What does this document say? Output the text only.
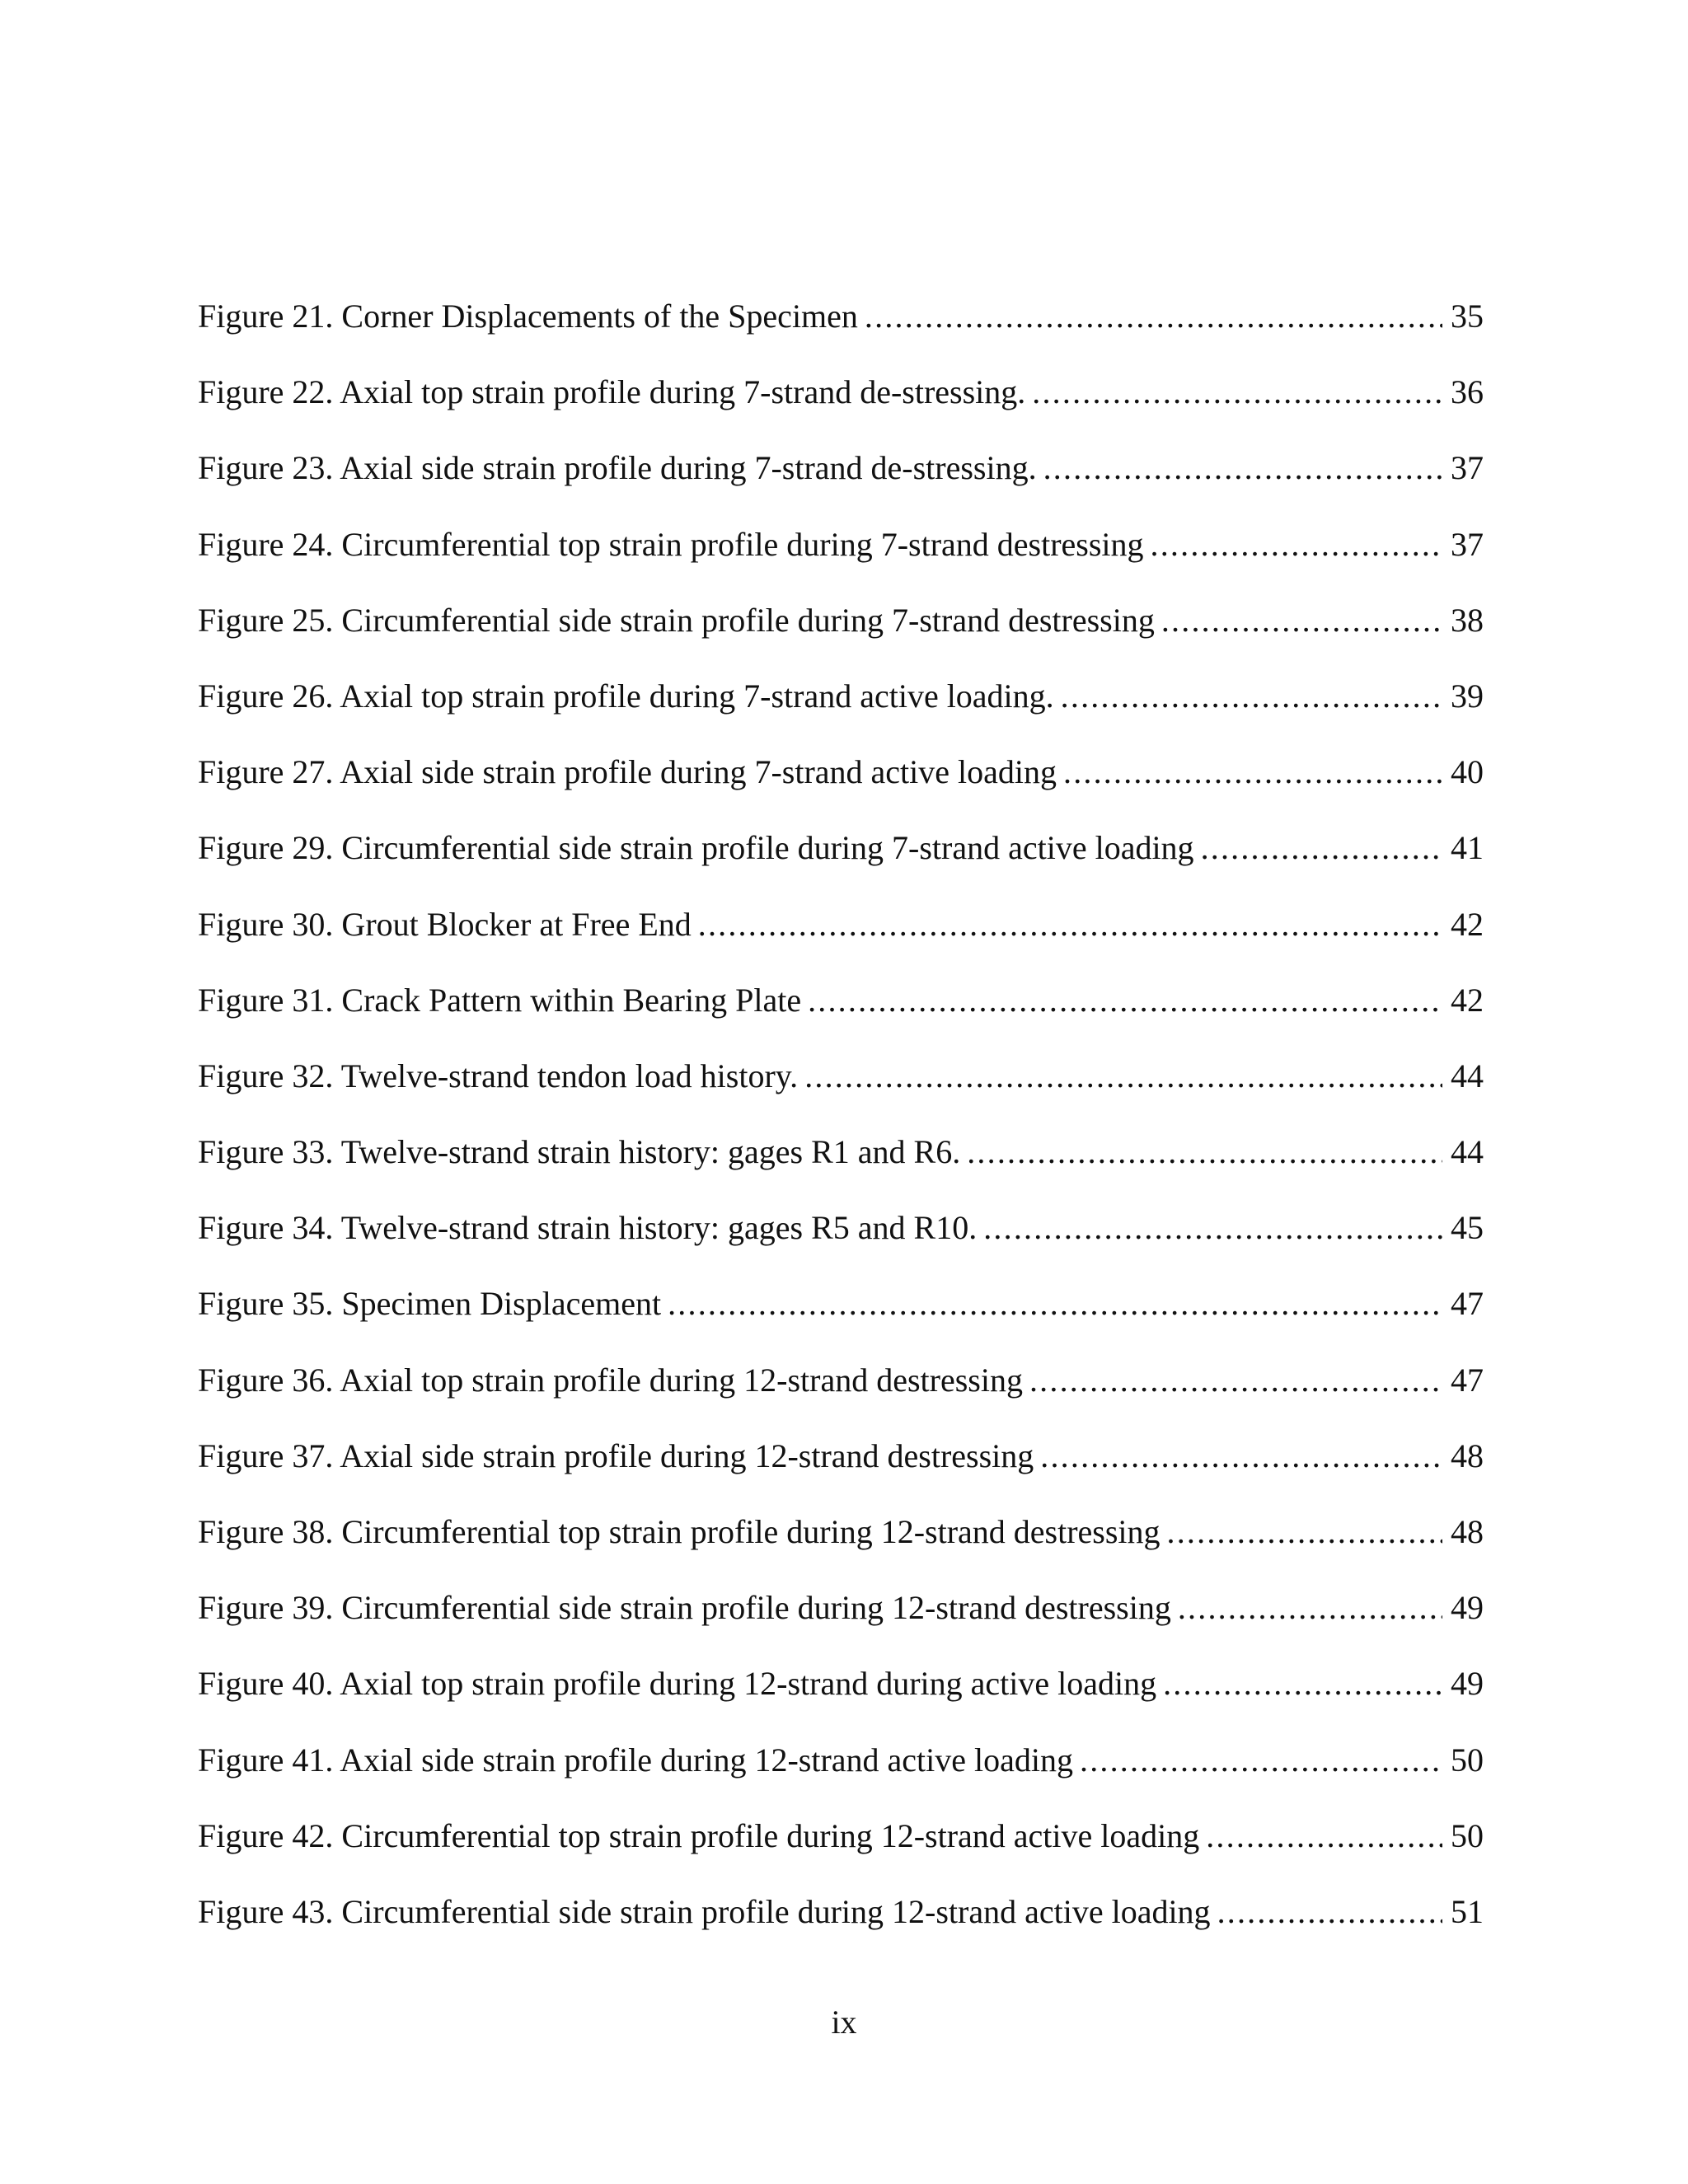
Figure 21. Corner Displacements of the Specimen .....	35
Figure 22. Axial top strain profile during 7-strand de-stressing. .....	36
Figure 23. Axial side strain profile during 7-strand de-stressing. .....	37
Figure 24. Circumferential top strain profile during 7-strand destressing .....	37
Figure 25. Circumferential side strain profile during 7-strand destressing .....	38
Figure 26. Axial top strain profile during 7-strand active loading. .....	39
Figure 27. Axial side strain profile during 7-strand active loading .....	40
Figure 29. Circumferential side strain profile during 7-strand active loading .....	41
Figure 30. Grout Blocker at Free End .....	42
Figure 31. Crack Pattern within Bearing Plate .....	42
Figure 32. Twelve-strand tendon load history. .....	44
Figure 33. Twelve-strand strain history: gages R1 and R6. .....	44
Figure 34. Twelve-strand strain history: gages R5 and R10. .....	45
Figure 35. Specimen Displacement .....	47
Figure 36. Axial top strain profile during 12-strand destressing .....	47
Figure 37. Axial side strain profile during 12-strand destressing .....	48
Figure 38. Circumferential top strain profile during 12-strand destressing .....	48
Figure 39. Circumferential side strain profile during 12-strand destressing .....	49
Figure 40. Axial top strain profile during 12-strand during active loading .....	49
Figure 41. Axial side strain profile during 12-strand active loading .....	50
Figure 42. Circumferential top strain profile during 12-strand active loading .....	50
Figure 43. Circumferential side strain profile during 12-strand active loading .....	51
ix
